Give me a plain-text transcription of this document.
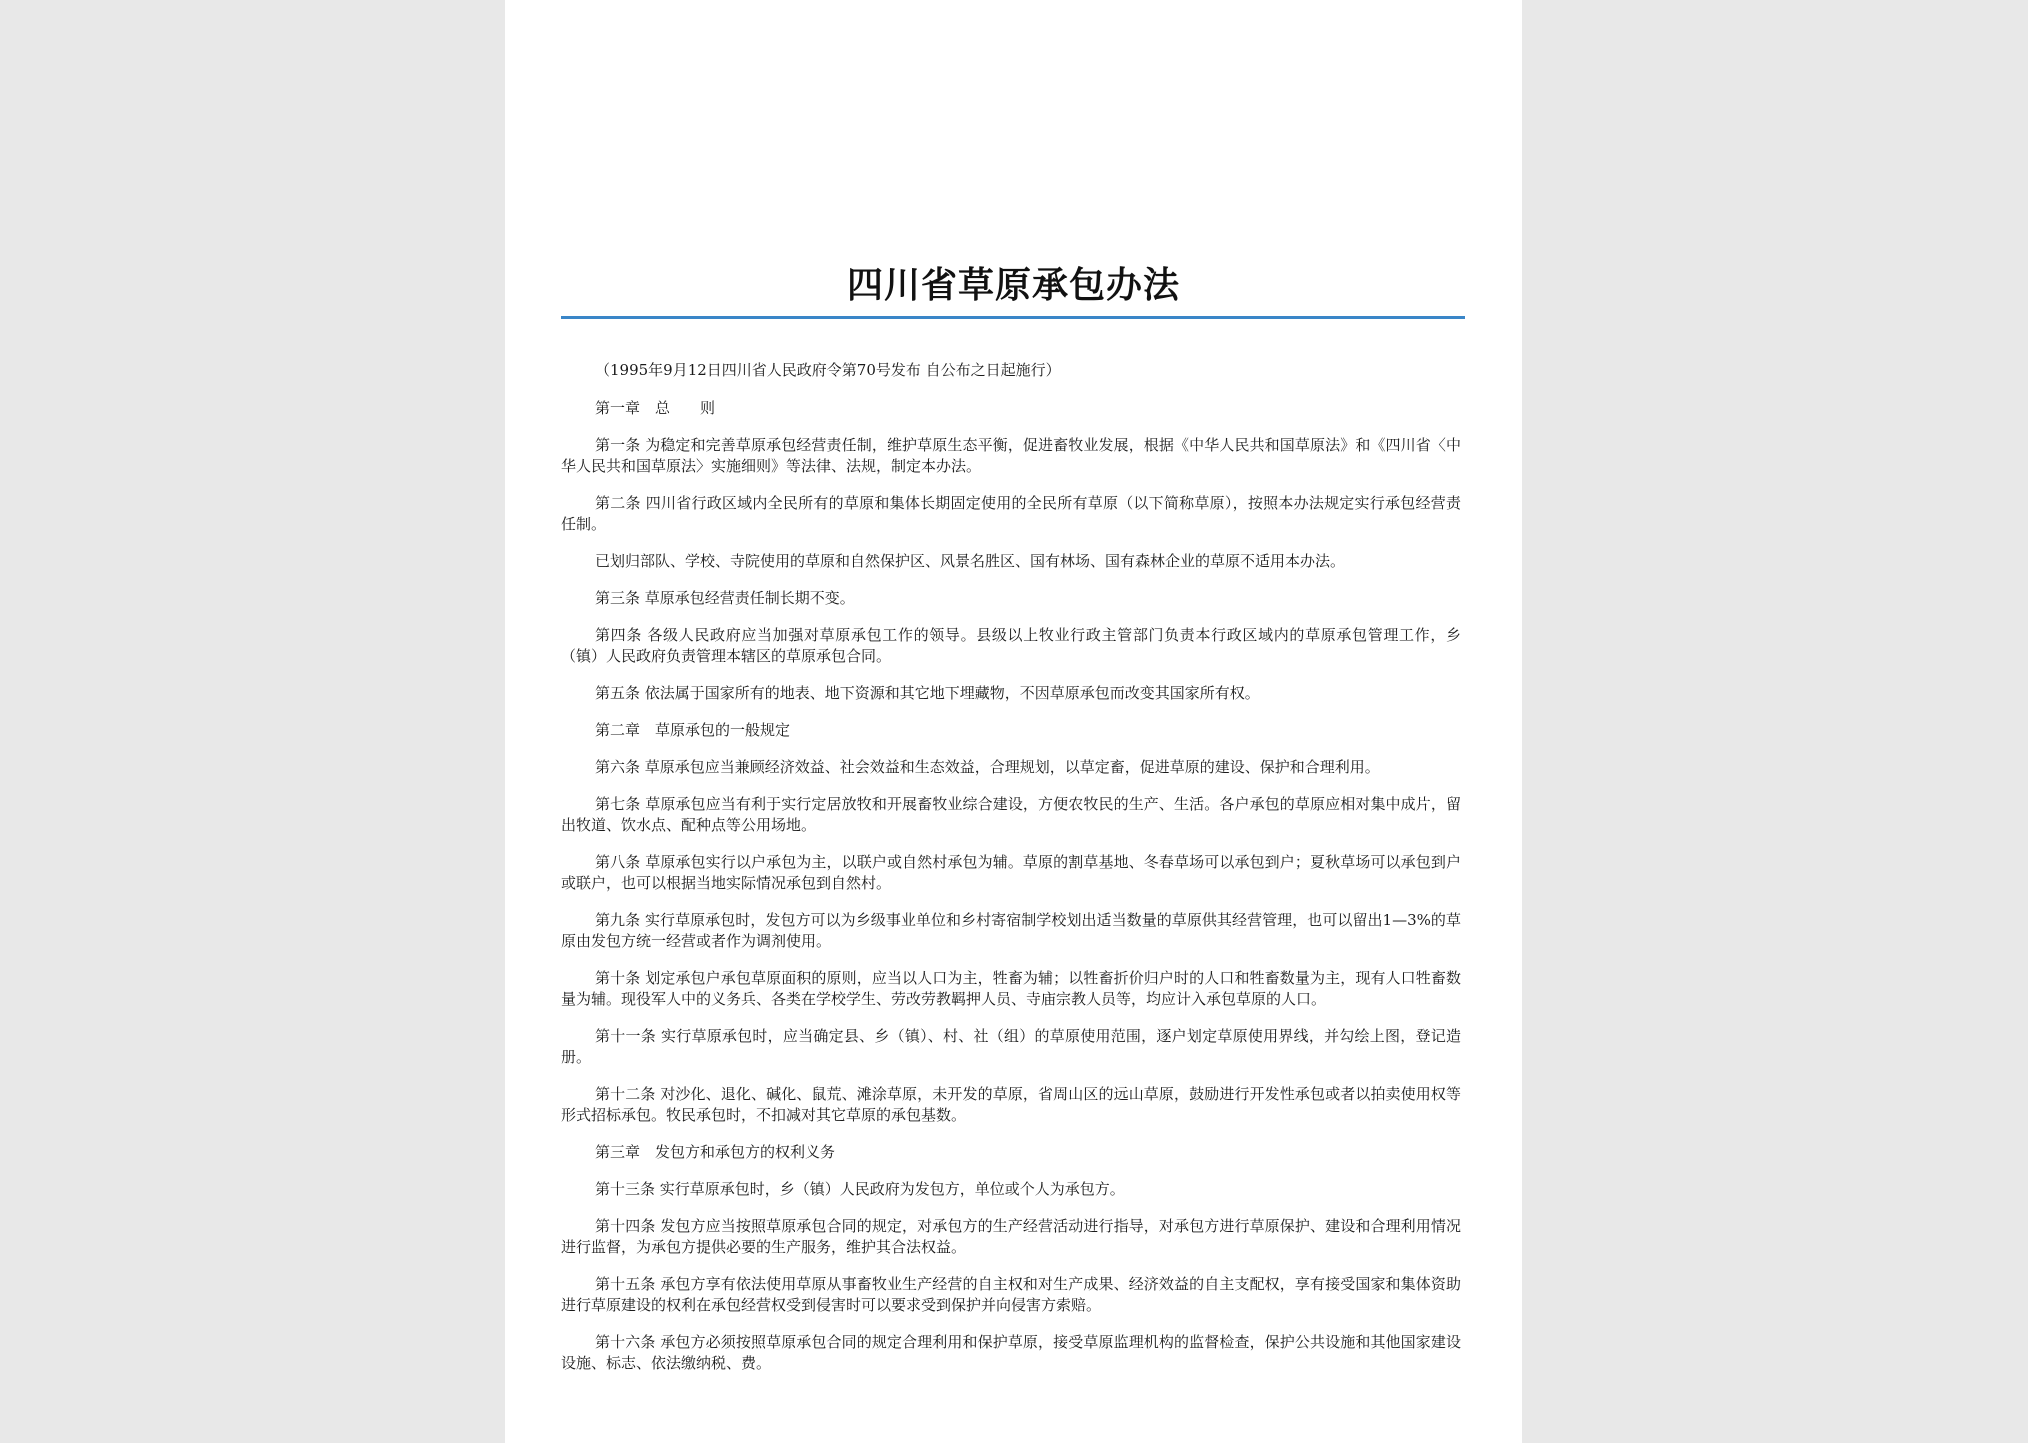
四川省草原承包办法

（1995年9月12日四川省人民政府令第70号发布 自公布之日起施行）

第一章　总　　则

第一条 为稳定和完善草原承包经营责任制，维护草原生态平衡，促进畜牧业发展，根据《中华人民共和国草原法》和《四川省〈中华人民共和国草原法〉实施细则》等法律、法规，制定本办法。

第二条 四川省行政区域内全民所有的草原和集体长期固定使用的全民所有草原（以下简称草原），按照本办法规定实行承包经营责任制。

已划归部队、学校、寺院使用的草原和自然保护区、风景名胜区、国有林场、国有森林企业的草原不适用本办法。

第三条 草原承包经营责任制长期不变。

第四条 各级人民政府应当加强对草原承包工作的领导。县级以上牧业行政主管部门负责本行政区域内的草原承包管理工作，乡（镇）人民政府负责管理本辖区的草原承包合同。

第五条 依法属于国家所有的地表、地下资源和其它地下埋藏物，不因草原承包而改变其国家所有权。

第二章　草原承包的一般规定

第六条 草原承包应当兼顾经济效益、社会效益和生态效益，合理规划，以草定畜，促进草原的建设、保护和合理利用。

第七条 草原承包应当有利于实行定居放牧和开展畜牧业综合建设，方便农牧民的生产、生活。各户承包的草原应相对集中成片，留出牧道、饮水点、配种点等公用场地。

第八条 草原承包实行以户承包为主，以联户或自然村承包为辅。草原的割草基地、冬春草场可以承包到户；夏秋草场可以承包到户或联户，也可以根据当地实际情况承包到自然村。

第九条 实行草原承包时，发包方可以为乡级事业单位和乡村寄宿制学校划出适当数量的草原供其经营管理，也可以留出1—3%的草原由发包方统一经营或者作为调剂使用。

第十条 划定承包户承包草原面积的原则，应当以人口为主，牲畜为辅；以牲畜折价归户时的人口和牲畜数量为主，现有人口牲畜数量为辅。现役军人中的义务兵、各类在学校学生、劳改劳教羁押人员、寺庙宗教人员等，均应计入承包草原的人口。

第十一条 实行草原承包时，应当确定县、乡（镇）、村、社（组）的草原使用范围，逐户划定草原使用界线，并勾绘上图，登记造册。

第十二条 对沙化、退化、碱化、鼠荒、滩涂草原，未开发的草原，省周山区的远山草原，鼓励进行开发性承包或者以拍卖使用权等形式招标承包。牧民承包时，不扣减对其它草原的承包基数。

第三章　发包方和承包方的权利义务

第十三条 实行草原承包时，乡（镇）人民政府为发包方，单位或个人为承包方。

第十四条 发包方应当按照草原承包合同的规定，对承包方的生产经营活动进行指导，对承包方进行草原保护、建设和合理利用情况进行监督，为承包方提供必要的生产服务，维护其合法权益。

第十五条 承包方享有依法使用草原从事畜牧业生产经营的自主权和对生产成果、经济效益的自主支配权，享有接受国家和集体资助进行草原建设的权利在承包经营权受到侵害时可以要求受到保护并向侵害方索赔。

第十六条 承包方必须按照草原承包合同的规定合理利用和保护草原，接受草原监理机构的监督检查，保护公共设施和其他国家建设设施、标志、依法缴纳税、费。
